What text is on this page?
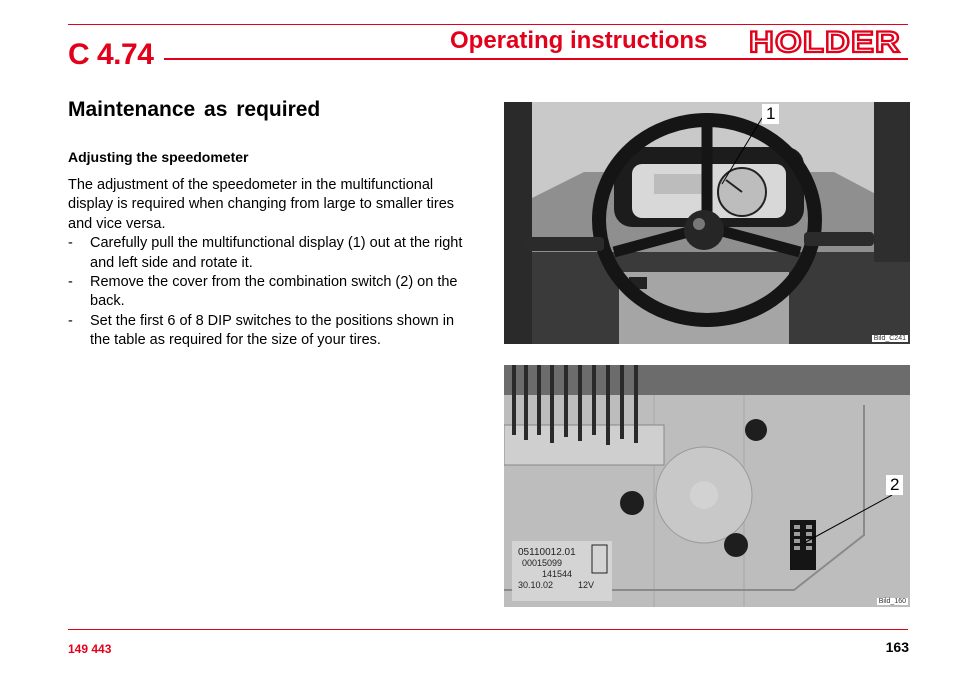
C 4.74	Operating instructions HOLDER
Maintenance as required
Adjusting the speedometer

The adjustment of the speedometer in the multifunctional display is required when changing from large to smaller tires and vice versa.

-	Carefully pull the multifunctional display (1) out at the right and left side and rotate it.
-	Remove the cover from the combination switch (2) on the back.
-	Set the first 6 of 8 DIP switches to the positions shown in the table as required for the size of your tires.
1
Bild_C241
05110012.01
00015099
141544
12V
30.10.02
2
Bild_160
149 443	163
